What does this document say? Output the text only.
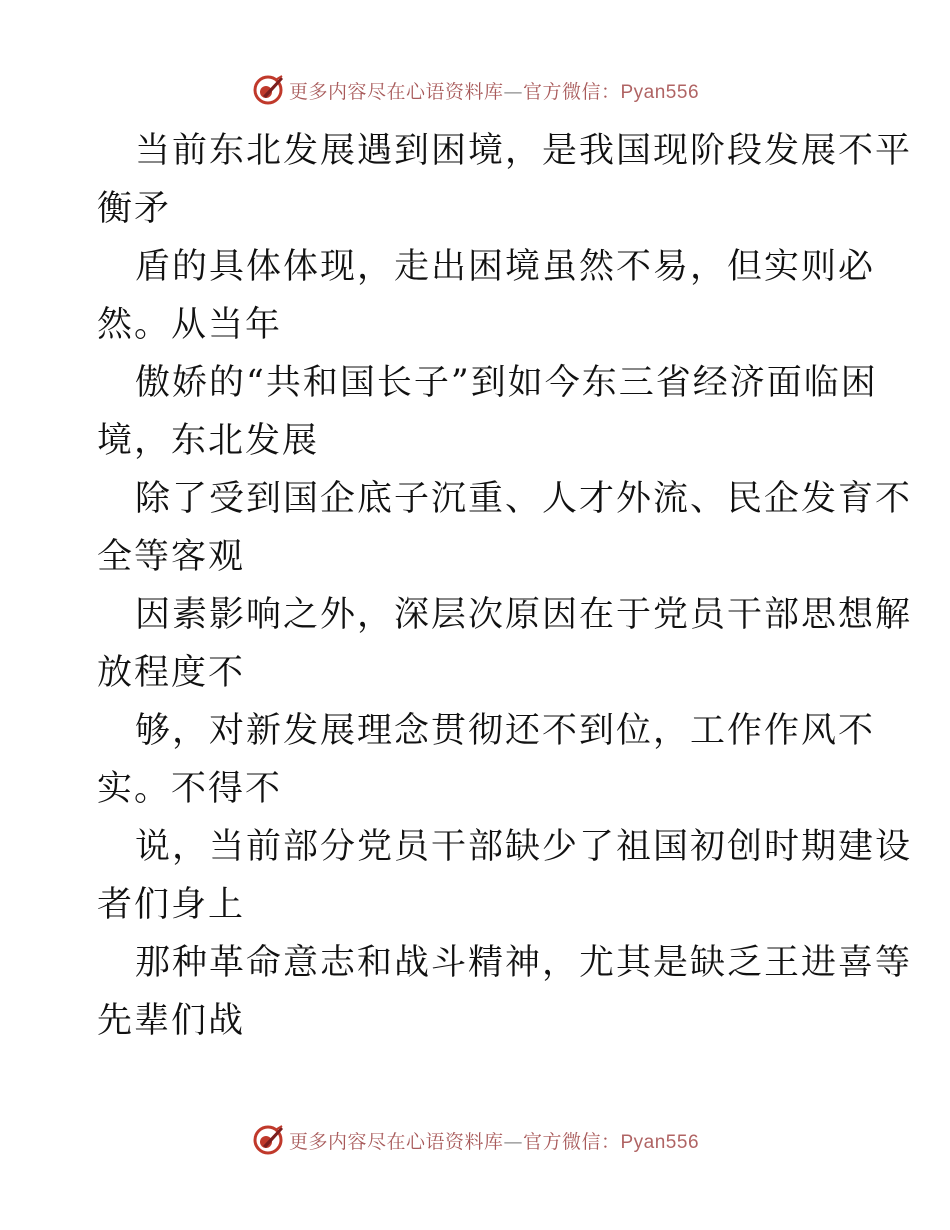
更多内容尽在心语资料库—官方微信：Pyan556
当前东北发展遇到困境，是我国现阶段发展不平
衡矛
盾的具体体现，走出困境虽然不易，但实则必
然。从当年
傲娇的“共和国长子”到如今东三省经济面临困
境，东北发展
除了受到国企底子沉重、人才外流、民企发育不
全等客观
因素影响之外，深层次原因在于党员干部思想解
放程度不
够，对新发展理念贯彻还不到位，工作作风不
实。不得不
说，当前部分党员干部缺少了祖国初创时期建设
者们身上
那种革命意志和战斗精神，尤其是缺乏王进喜等
先辈们战
更多内容尽在心语资料库—官方微信：Pyan556
